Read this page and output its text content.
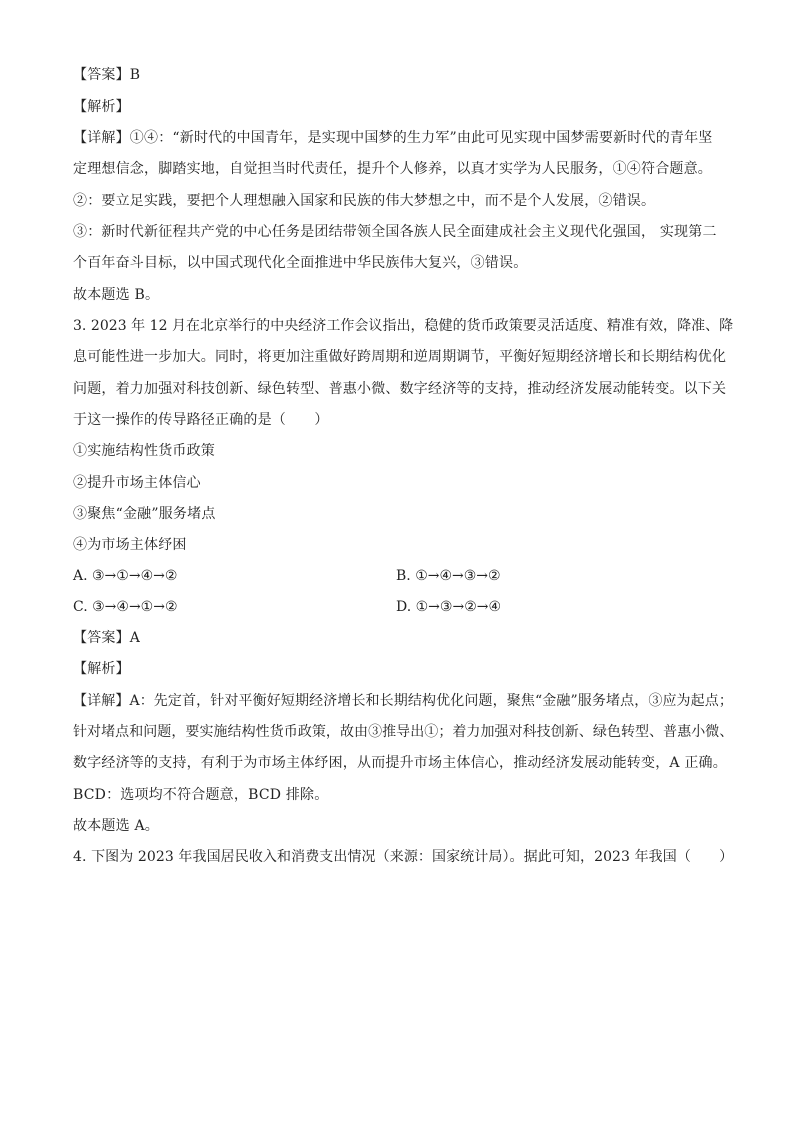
【答案】B
【解析】
【详解】①④：“新时代的中国青年，是实现中国梦的生力军”由此可见实现中国梦需要新时代的青年坚
定理想信念，脚踏实地，自觉担当时代责任，提升个人修养，以真才实学为人民服务，①④符合题意。
②：要立足实践，要把个人理想融入国家和民族的伟大梦想之中，而不是个人发展，②错误。
③：新时代新征程共产党的中心任务是团结带领全国各族人民全面建成社会主义现代化强国， 实现第二
个百年奋斗目标，以中国式现代化全面推进中华民族伟大复兴，③错误。
故本题选 B。
3. 2023 年 12 月在北京举行的中央经济工作会议指出，稳健的货币政策要灵活适度、精准有效，降准、降
息可能性进一步加大。同时，将更加注重做好跨周期和逆周期调节，平衡好短期经济增长和长期结构优化
问题，着力加强对科技创新、绿色转型、普惠小微、数字经济等的支持，推动经济发展动能转变。以下关
于这一操作的传导路径正确的是（　　）
①实施结构性货币政策
②提升市场主体信心
③聚焦“金融”服务堵点
④为市场主体纾困
A. ③→①→④→②	B. ①→④→③→②
C. ③→④→①→②	D. ①→③→②→④
【答案】A
【解析】
【详解】A：先定首，针对平衡好短期经济增长和长期结构优化问题，聚焦“金融”服务堵点，③应为起点；
针对堵点和问题，要实施结构性货币政策，故由③推导出①；着力加强对科技创新、绿色转型、普惠小微、
数字经济等的支持，有利于为市场主体纾困，从而提升市场主体信心，推动经济发展动能转变，A 正确。
BCD：选项均不符合题意，BCD 排除。
故本题选 A。
4. 下图为 2023 年我国居民收入和消费支出情况（来源：国家统计局）。据此可知，2023 年我国（　　）
